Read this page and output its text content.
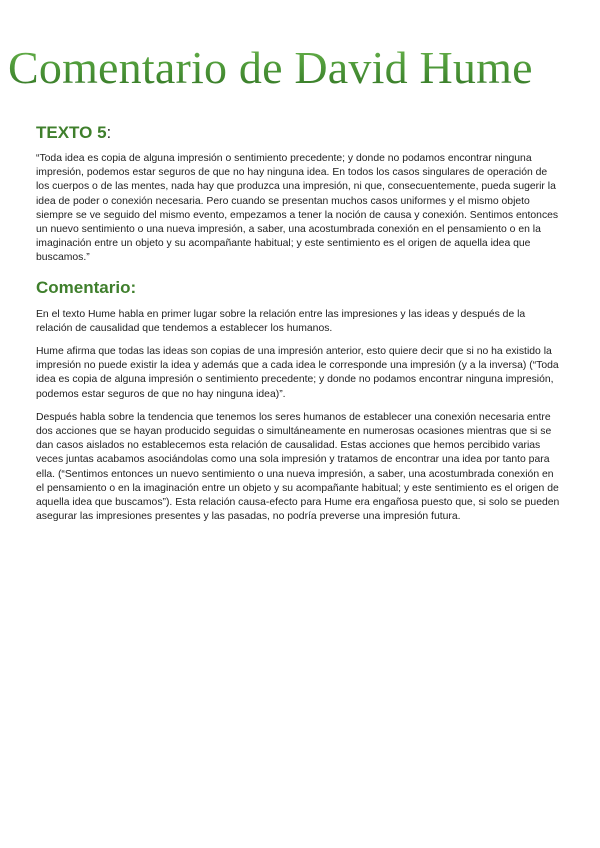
Comentario de David Hume
TEXTO 5:

“Toda idea es copia de alguna impresión o sentimiento precedente; y donde no podamos encontrar ninguna impresión, podemos estar seguros de que no hay ninguna idea. En todos los casos singulares de operación de los cuerpos o de las mentes, nada hay que produzca una impresión, ni que, consecuentemente, pueda sugerir la idea de poder o conexión necesaria. Pero cuando se presentan muchos casos uniformes y el mismo objeto siempre se ve seguido del mismo evento, empezamos a tener la noción de causa y conexión. Sentimos entonces un nuevo sentimiento o una nueva impresión, a saber, una acostumbrada conexión en el pensamiento o en la imaginación entre un objeto y su acompañante habitual; y este sentimiento es el origen de aquella idea que buscamos.”

Comentario:

En el texto Hume habla en primer lugar sobre la relación entre las impresiones y las ideas y después de la relación de causalidad que tendemos a establecer los humanos.

Hume afirma que todas las ideas son copias de una impresión anterior, esto quiere decir que si no ha existido la impresión no puede existir la idea y además que a cada idea le corresponde una impresión (y a la inversa) (“Toda idea es copia de alguna impresión o sentimiento precedente; y donde no podamos encontrar ninguna impresión, podemos estar seguros de que no hay ninguna idea)”.

Después habla sobre la tendencia que tenemos los seres humanos de establecer una conexión necesaria entre dos acciones que se hayan producido seguidas o simultáneamente en numerosas ocasiones mientras que si se dan casos aislados no establecemos esta relación de causalidad. Estas acciones que hemos percibido varias veces juntas acabamos asociándolas como una sola impresión y tratamos de encontrar una idea por tanto para ella. (“Sentimos entonces un nuevo sentimiento o una nueva impresión, a saber, una acostumbrada conexión en el pensamiento o en la imaginación entre un objeto y su acompañante habitual; y este sentimiento es el origen de aquella idea que buscamos”). Esta relación causa-efecto para Hume era engañosa puesto que, si solo se pueden asegurar las impresiones presentes y las pasadas, no podría preverse una impresión futura.
